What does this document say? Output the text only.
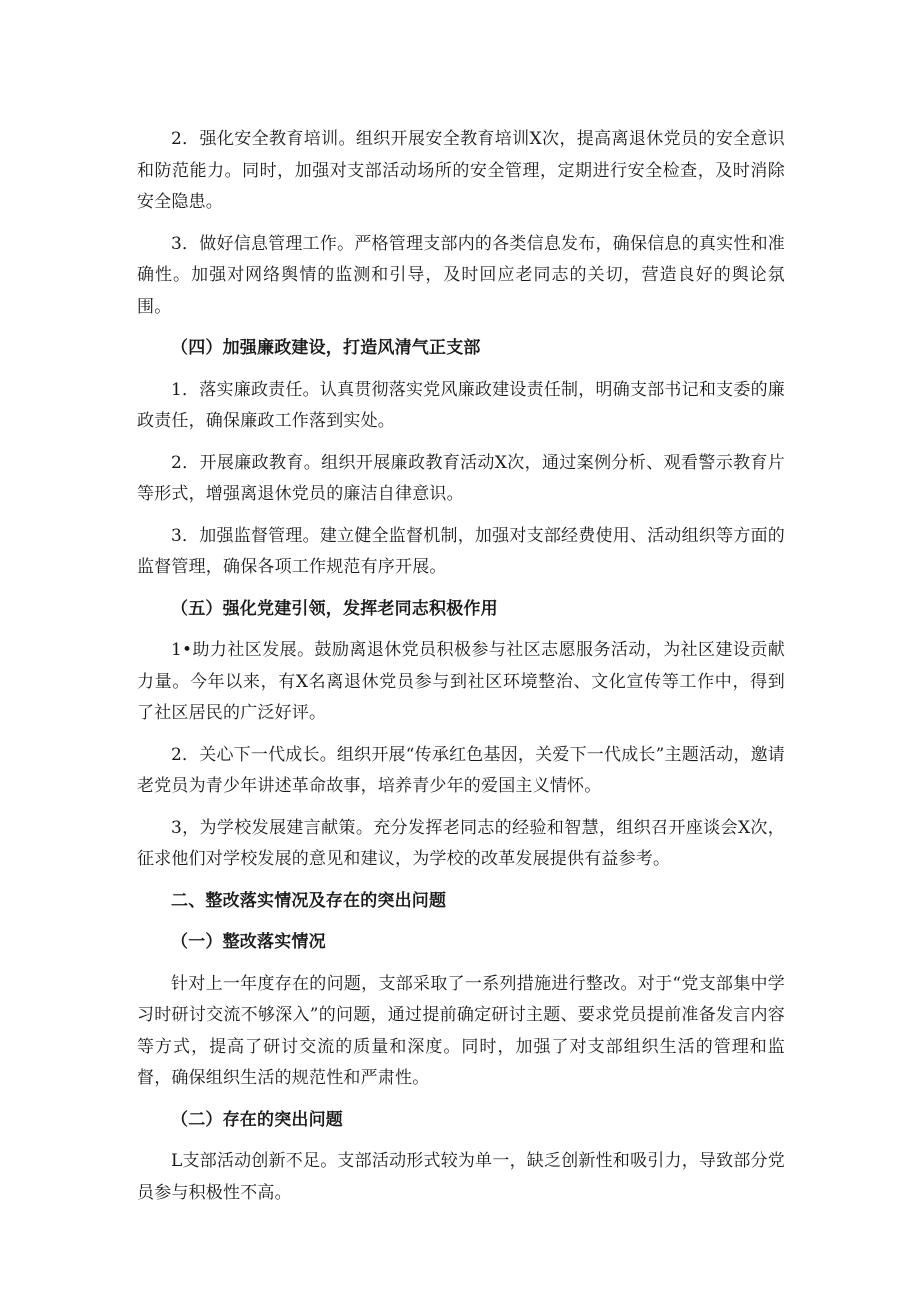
2．强化安全教育培训。组织开展安全教育培训X次，提高离退休党员的安全意识和防范能力。同时，加强对支部活动场所的安全管理，定期进行安全检查，及时消除安全隐患。

3．做好信息管理工作。严格管理支部内的各类信息发布，确保信息的真实性和准确性。加强对网络舆情的监测和引导，及时回应老同志的关切，营造良好的舆论氛围。

（四）加强廉政建设，打造风清气正支部

1．落实廉政责任。认真贯彻落实党风廉政建设责任制，明确支部书记和支委的廉政责任，确保廉政工作落到实处。

2．开展廉政教育。组织开展廉政教育活动X次，通过案例分析、观看警示教育片等形式，增强离退休党员的廉洁自律意识。

3．加强监督管理。建立健全监督机制，加强对支部经费使用、活动组织等方面的监督管理，确保各项工作规范有序开展。

（五）强化党建引领，发挥老同志积极作用

1•助力社区发展。鼓励离退休党员积极参与社区志愿服务活动，为社区建设贡献力量。今年以来，有X名离退休党员参与到社区环境整治、文化宣传等工作中，得到了社区居民的广泛好评。

2．关心下一代成长。组织开展“传承红色基因，关爱下一代成长”主题活动，邀请老党员为青少年讲述革命故事，培养青少年的爱国主义情怀。

3，为学校发展建言献策。充分发挥老同志的经验和智慧，组织召开座谈会X次，征求他们对学校发展的意见和建议，为学校的改革发展提供有益参考。

二、整改落实情况及存在的突出问题
（一）整改落实情况

针对上一年度存在的问题，支部采取了一系列措施进行整改。对于“党支部集中学习时研讨交流不够深入”的问题，通过提前确定研讨主题、要求党员提前准备发言内容等方式，提高了研讨交流的质量和深度。同时，加强了对支部组织生活的管理和监督，确保组织生活的规范性和严肃性。

（二）存在的突出问题

L支部活动创新不足。支部活动形式较为单一，缺乏创新性和吸引力，导致部分党员参与积极性不高。
